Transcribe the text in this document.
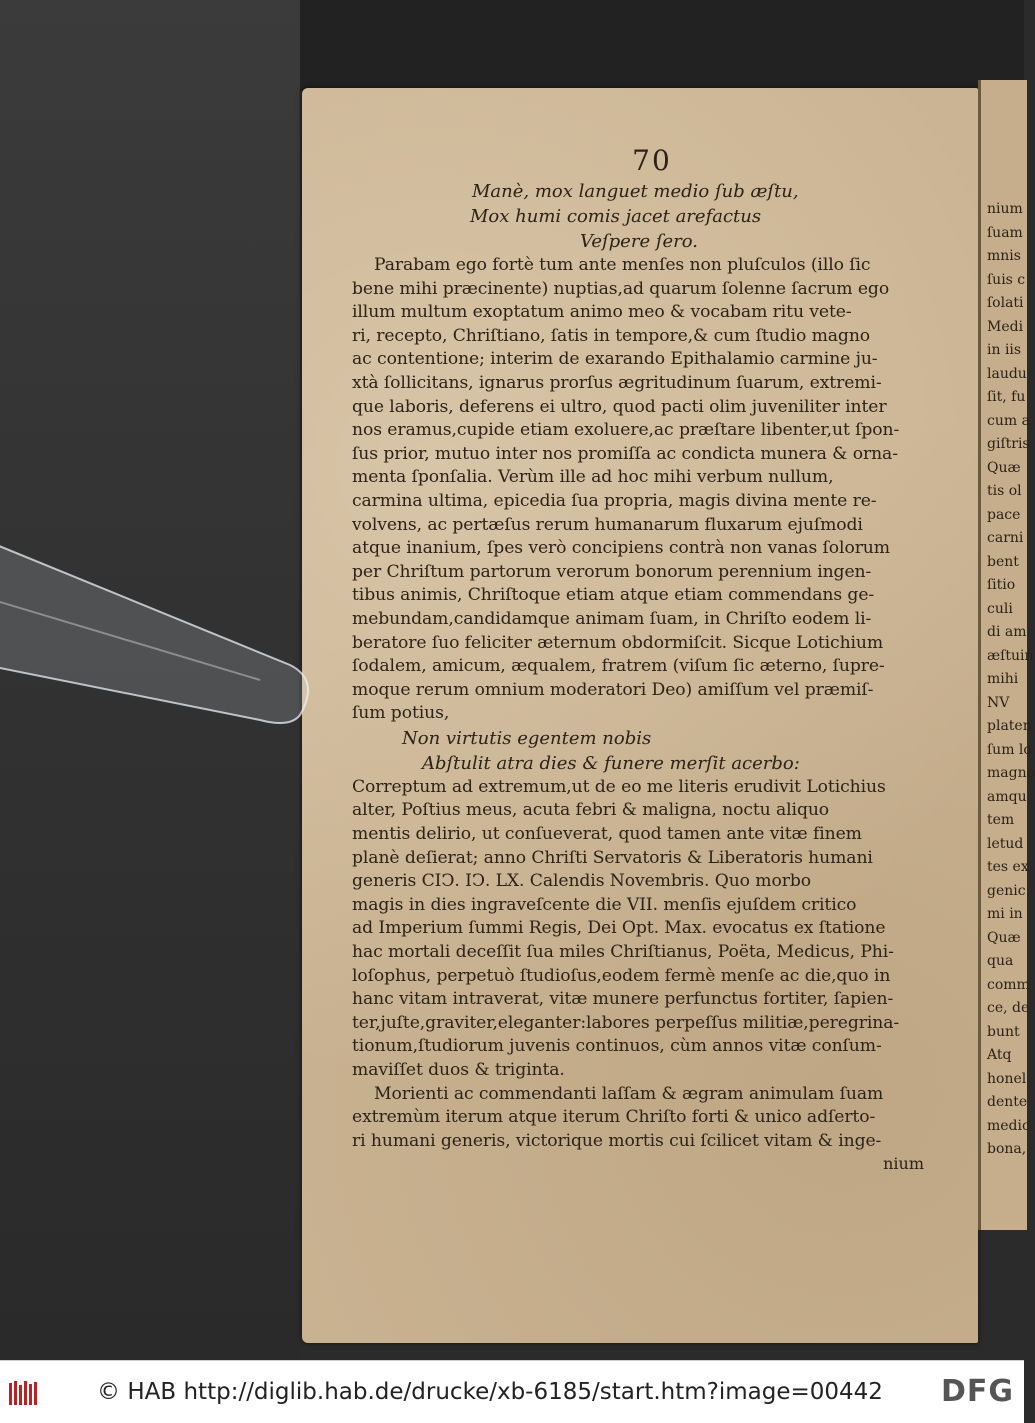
70
Manè, mox languet medio ſub æſtu,
Mox humi comis jacet arefactus
Veſpere ſero.
Parabam ego fortè tum ante menſes non pluſculos (illo ſic
bene mihi præcinente) nuptias,ad quarum ſolenne ſacrum ego
illum multum exoptatum animo meo & vocabam ritu vete-
ri, recepto, Chriſtiano, ſatis in tempore,& cum ſtudio magno
ac contentione; interim de exarando Epithalamio carmine ju-
xtà ſollicitans, ignarus prorſus ægritudinum ſuarum, extremi-
que laboris, deferens ei ultro, quod pacti olim juveniliter inter
nos eramus,cupide etiam exoluere,ac præſtare libenter,ut ſpon-
ſus prior, mutuo inter nos promiſſa ac condicta munera & orna-
menta ſponſalia. Verùm ille ad hoc mihi verbum nullum,
carmina ultima, epicedia ſua propria, magis divina mente re-
volvens, ac pertæſus rerum humanarum fluxarum ejuſmodi
atque inanium, ſpes verò concipiens contrà non vanas ſolorum
per Chriſtum partorum verorum bonorum perennium ingen-
tibus animis, Chriſtoque etiam atque etiam commendans ge-
mebundam,candidamque animam ſuam, in Chriſto eodem li-
beratore ſuo feliciter æternum obdormiſcit. Sicque Lotichium
ſodalem, amicum, æqualem, fratrem (viſum ſic æterno, ſupre-
moque rerum omnium moderatori Deo) amiſſum vel præmiſ-
ſum potius,
Non virtutis egentem nobis
Abſtulit atra dies & funere merſit acerbo:
Correptum ad extremum,ut de eo me literis erudivit Lotichius
alter, Poſtius meus, acuta febri & maligna, noctu aliquo
mentis delirio, ut conſueverat, quod tamen ante vitæ finem
planè deſierat; anno Chriſti Servatoris & Liberatoris humani
generis CIↃ. IↃ. LX. Calendis Novembris. Quo morbo
magis in dies ingraveſcente die VII. menſis ejuſdem critico
ad Imperium ſummi Regis, Dei Opt. Max. evocatus ex ſtatione
hac mortali deceſſit ſua miles Chriſtianus, Poëta, Medicus, Phi-
loſophus, perpetuò ſtudioſus,eodem fermè menſe ac die,quo in
hanc vitam intraverat, vitæ munere perfunctus fortiter, ſapien-
ter,juſte,graviter,eleganter:labores perpeſſus militiæ,peregrina-
tionum,ſtudiorum juvenis continuos, cùm annos vitæ conſum-
maviſſet duos & triginta.
Morienti ac commendanti laſſam & ægram animulam ſuam
extremùm iterum atque iterum Chriſto forti & unico adſerto-
ri humani generis, victorique mortis cui ſcilicet vitam & inge-
nium
nium
ſuam
mnis
ſuis c
ſolati
Medi
in iis
laudu
ſit, fu
cum a
giſtris
Quæ
tis ol
pace
carni
bent
ſitio
culi
di am
æſtuin
mihi
NV
platen
ſum lo
magno
amqu
tem
letud
tes ex
genic
mi in
Quæ
qua
comm
ce, de
bunt
Atq
honel
dente
medic
bona,
© HAB http://diglib.hab.de/drucke/xb-6185/start.htm?image=00442	DFG
